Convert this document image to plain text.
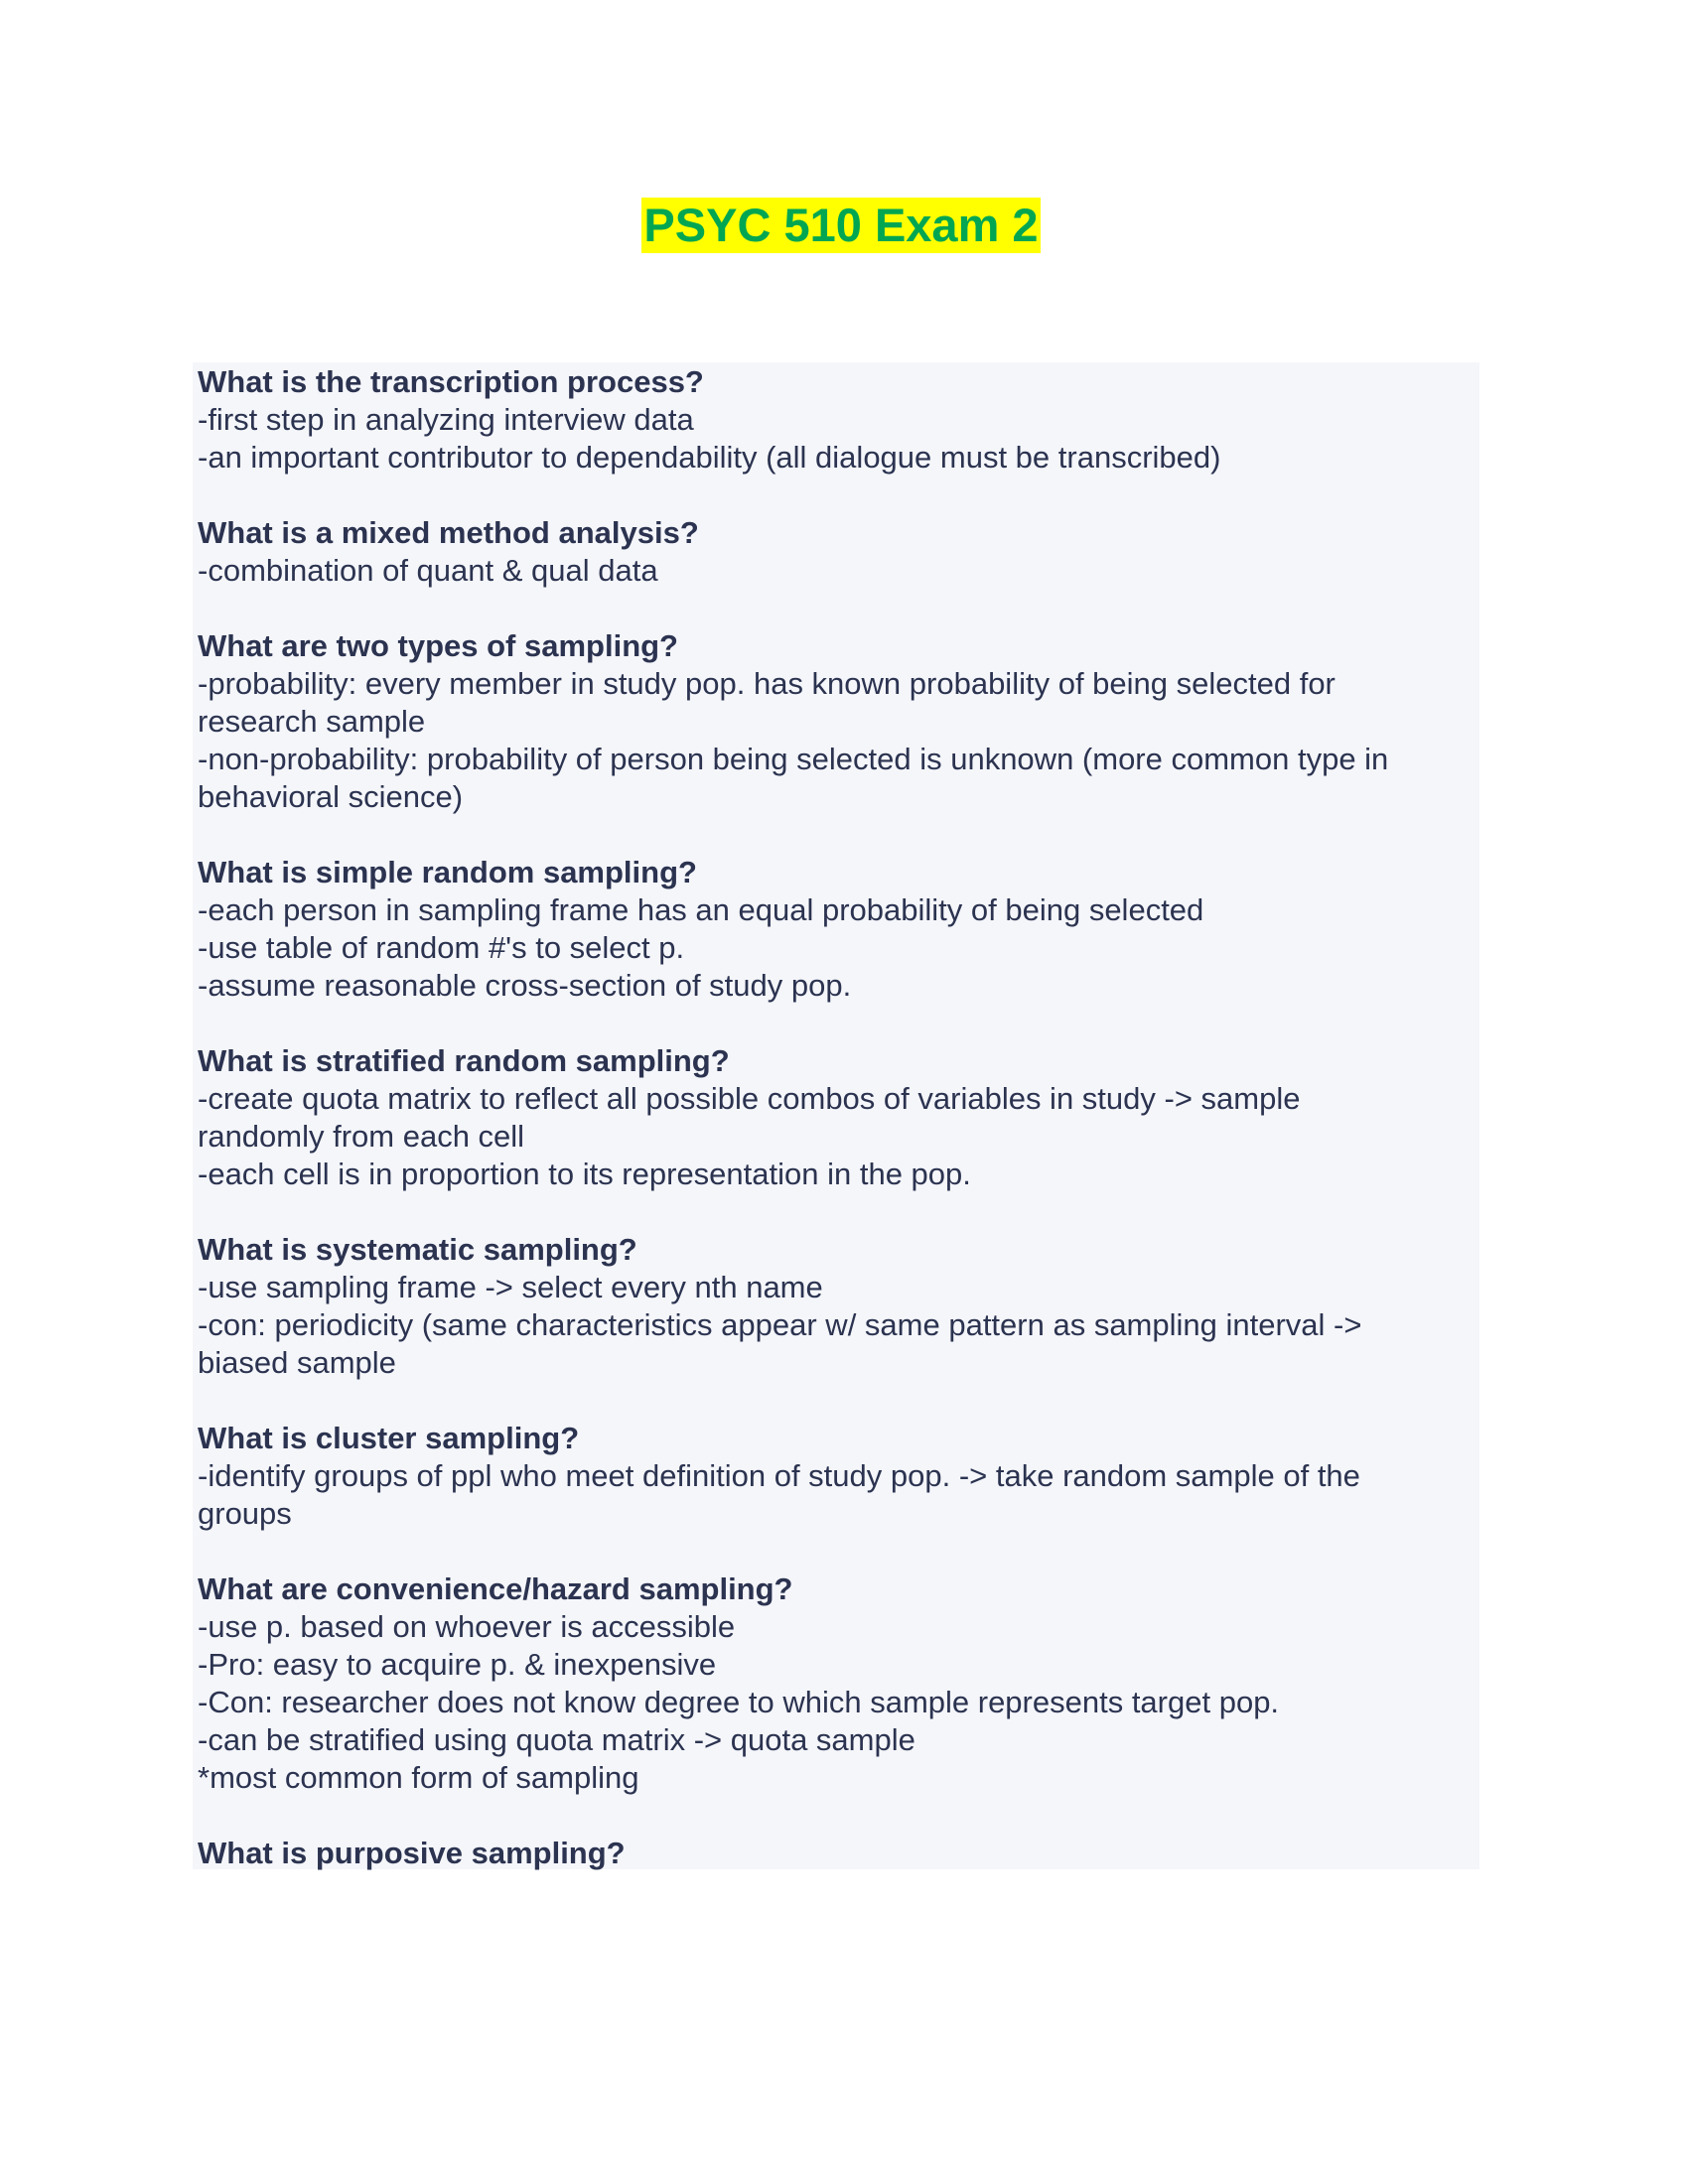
PSYC 510 Exam 2
What is the transcription process?
-first step in analyzing interview data
-an important contributor to dependability (all dialogue must be transcribed)
What is a mixed method analysis?
-combination of quant & qual data
What are two types of sampling?
-probability: every member in study pop. has known probability of being selected for
research sample
-non-probability: probability of person being selected is unknown (more common type in
behavioral science)
What is simple random sampling?
-each person in sampling frame has an equal probability of being selected
-use table of random #'s to select p.
-assume reasonable cross-section of study pop.
What is stratified random sampling?
-create quota matrix to reflect all possible combos of variables in study -> sample
randomly from each cell
-each cell is in proportion to its representation in the pop.
What is systematic sampling?
-use sampling frame -> select every nth name
-con: periodicity (same characteristics appear w/ same pattern as sampling interval ->
biased sample
What is cluster sampling?
-identify groups of ppl who meet definition of study pop. -> take random sample of the
groups
What are convenience/hazard sampling?
-use p. based on whoever is accessible
-Pro: easy to acquire p. & inexpensive
-Con: researcher does not know degree to which sample represents target pop.
-can be stratified using quota matrix -> quota sample
*most common form of sampling
What is purposive sampling?
